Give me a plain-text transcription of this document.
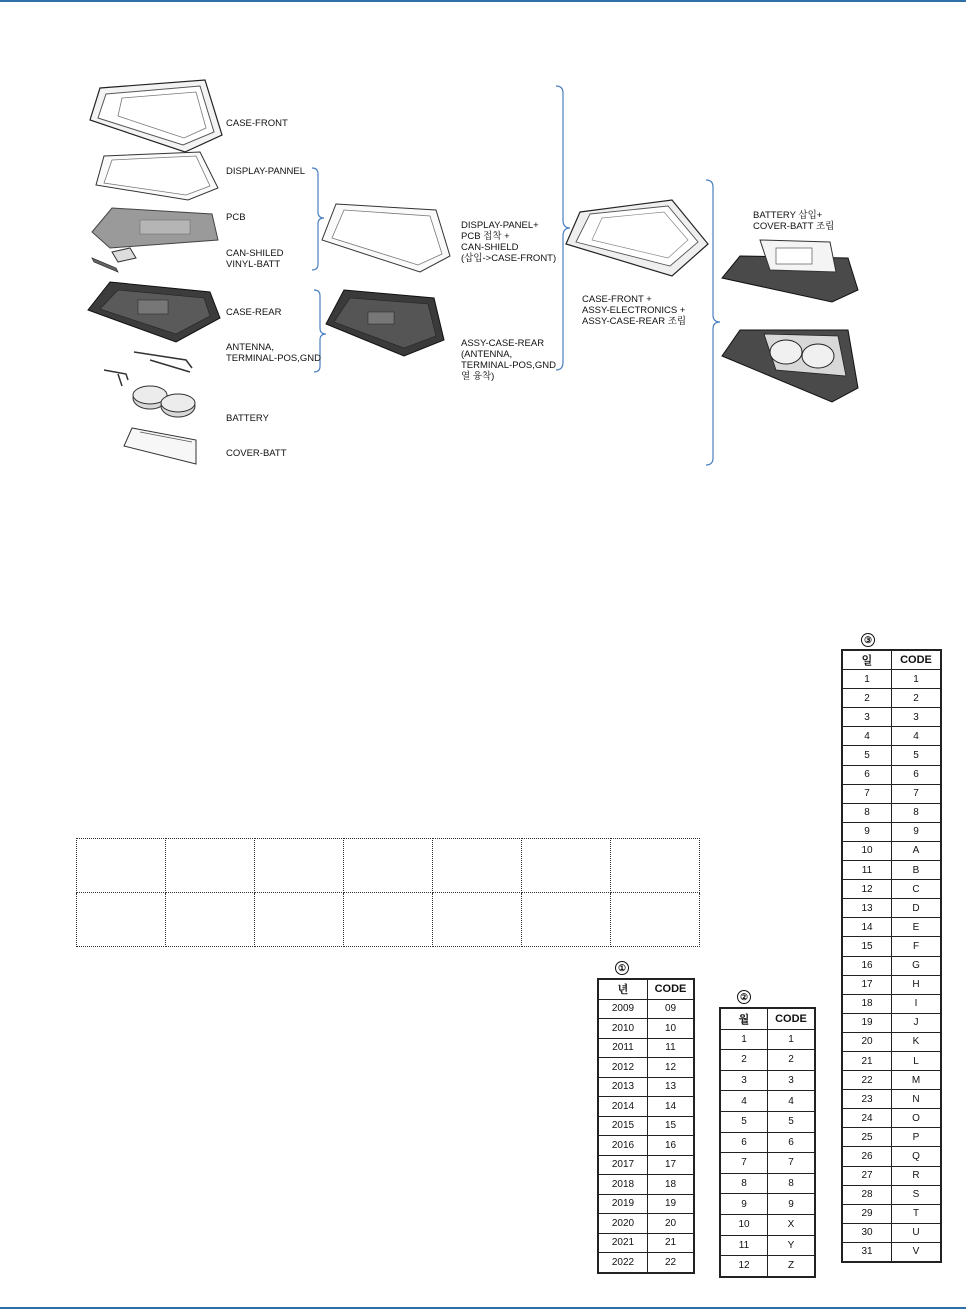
CASE-FRONT
DISPLAY-PANNEL
PCB
CAN-SHILED
VINYL-BATT
CASE-REAR
ANTENNA,
TERMINAL-POS,GND
BATTERY
COVER-BATT
DISPLAY-PANEL+
PCB 접착 +
CAN-SHIELD
(삽입->CASE-FRONT)
ASSY-CASE-REAR
(ANTENNA,
TERMINAL-POS,GND
열 융착)
CASE-FRONT +
ASSY-ELECTRONICS +
ASSY-CASE-REAR 조립
BATTERY 삽입+
COVER-BATT 조립

①
년	CODE
2009	09
2010	10
2011	11
2012	12
2013	13
2014	14
2015	15
2016	16
2017	17
2018	18
2019	19
2020	20
2021	21
2022	22
②
월	CODE
1	1
2	2
3	3
4	4
5	5
6	6
7	7
8	8
9	9
10	X
11	Y
12	Z
③
일	CODE
1	1
2	2
3	3
4	4
5	5
6	6
7	7
8	8
9	9
10	A
11	B
12	C
13	D
14	E
15	F
16	G
17	H
18	I
19	J
20	K
21	L
22	M
23	N
24	O
25	P
26	Q
27	R
28	S
29	T
30	U
31	V
